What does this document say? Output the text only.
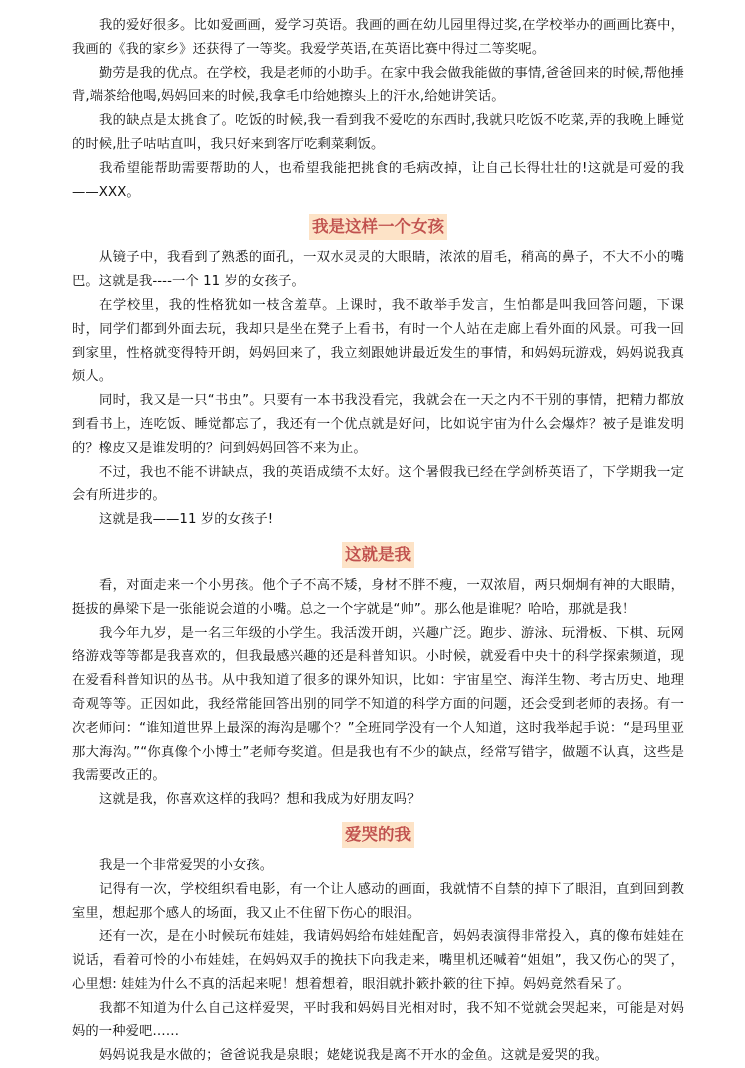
我的爱好很多。比如爱画画，爱学习英语。我画的画在幼儿园里得过奖,在学校举办的画画比赛中，我画的《我的家乡》还获得了一等奖。我爱学英语,在英语比赛中得过二等奖呢。

勤劳是我的优点。在学校，我是老师的小助手。在家中我会做我能做的事情,爸爸回来的时候,帮他捶背,端茶给他喝,妈妈回来的时候,我拿毛巾给她擦头上的汗水,给她讲笑话。

我的缺点是太挑食了。吃饭的时候,我一看到我不爱吃的东西时,我就只吃饭不吃菜,弄的我晚上睡觉的时候,肚子咕咕直叫，我只好来到客厅吃剩菜剩饭。

我希望能帮助需要帮助的人，也希望我能把挑食的毛病改掉，让自己长得壮壮的!这就是可爱的我——XXX。

我是这样一个女孩

从镜子中，我看到了熟悉的面孔，一双水灵灵的大眼睛，浓浓的眉毛，稍高的鼻子，不大不小的嘴巴。这就是我----一个 11 岁的女孩子。

在学校里，我的性格犹如一枝含羞草。上课时，我不敢举手发言，生怕都是叫我回答问题，下课时，同学们都到外面去玩，我却只是坐在凳子上看书，有时一个人站在走廊上看外面的风景。可我一回到家里，性格就变得特开朗，妈妈回来了，我立刻跟她讲最近发生的事情，和妈妈玩游戏，妈妈说我真烦人。

同时，我又是一只“书虫”。只要有一本书我没看完，我就会在一天之内不干别的事情，把精力都放到看书上，连吃饭、睡觉都忘了，我还有一个优点就是好问，比如说宇宙为什么会爆炸？被子是谁发明的？橡皮又是谁发明的？问到妈妈回答不来为止。

不过，我也不能不讲缺点，我的英语成绩不太好。这个暑假我已经在学剑桥英语了，下学期我一定会有所进步的。

这就是我——11 岁的女孩子!

这就是我

看，对面走来一个小男孩。他个子不高不矮，身材不胖不瘦，一双浓眉，两只炯炯有神的大眼睛，挺拔的鼻梁下是一张能说会道的小嘴。总之一个字就是“帅”。那么他是谁呢？哈哈，那就是我！

我今年九岁，是一名三年级的小学生。我活泼开朗，兴趣广泛。跑步、游泳、玩滑板、下棋、玩网络游戏等等都是我喜欢的，但我最感兴趣的还是科普知识。小时候，就爱看中央十的科学探索频道，现在爱看科普知识的丛书。从中我知道了很多的课外知识，比如：宇宙星空、海洋生物、考古历史、地理奇观等等。正因如此，我经常能回答出别的同学不知道的科学方面的问题，还会受到老师的表扬。有一次老师问：“谁知道世界上最深的海沟是哪个？”全班同学没有一个人知道，这时我举起手说：“是玛里亚那大海沟。”“你真像个小博士”老师夸奖道。但是我也有不少的缺点，经常写错字，做题不认真，这些是我需要改正的。

这就是我，你喜欢这样的我吗？想和我成为好朋友吗？

爱哭的我

我是一个非常爱哭的小女孩。

记得有一次，学校组织看电影，有一个让人感动的画面，我就情不自禁的掉下了眼泪，直到回到教室里，想起那个感人的场面，我又止不住留下伤心的眼泪。

还有一次，是在小时候玩布娃娃，我请妈妈给布娃娃配音，妈妈表演得非常投入，真的像布娃娃在说话，看着可怜的小布娃娃，在妈妈双手的挽扶下向我走来，嘴里机还喊着“姐姐”，我又伤心的哭了，心里想: 娃娃为什么不真的活起来呢！想着想着，眼泪就扑簌扑簌的往下掉。妈妈竟然看呆了。

我都不知道为什么自己这样爱哭，平时我和妈妈目光相对时，我不知不觉就会哭起来，可能是对妈妈的一种爱吧……

妈妈说我是水做的；爸爸说我是泉眼；姥姥说我是离不开水的金鱼。这就是爱哭的我。
